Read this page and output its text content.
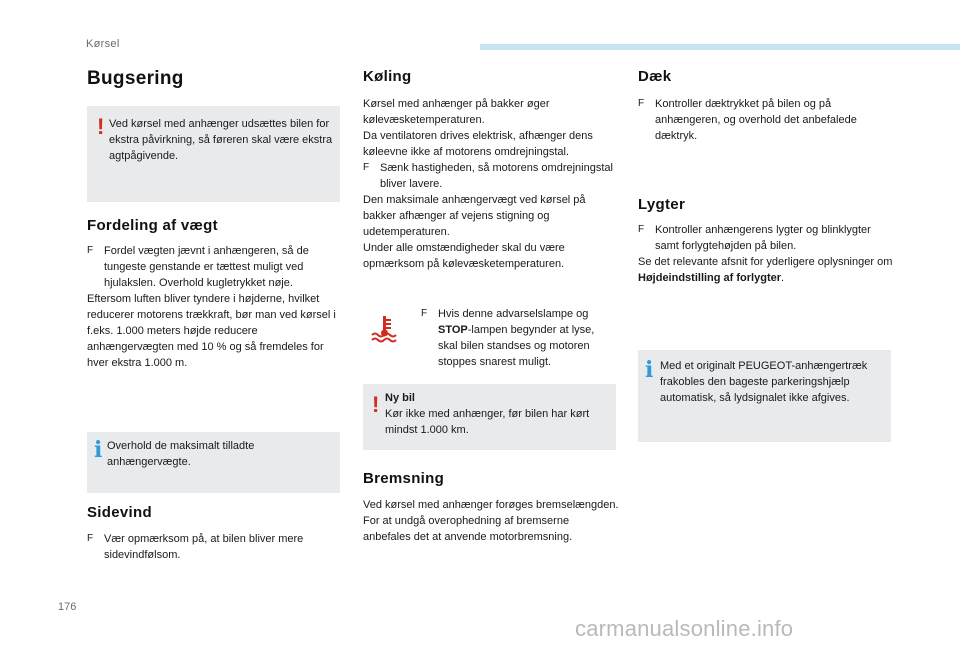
Kørsel
176
carmanualsonline.info
Bugsering
! Ved kørsel med anhænger udsættes bilen for ekstra påvirkning, så føreren skal være ekstra agtpågivende.
Fordeling af vægt
F Fordel vægten jævnt i anhængeren, så de tungeste genstande er tættest muligt ved hjulakslen. Overhold kugletrykket nøje.

Eftersom luften bliver tyndere i højderne, hvilket reducerer motorens trækkraft, bør man ved kørsel i f.eks. 1.000 meters højde reducere anhængervægten med 10 % og så fremdeles for hver ekstra 1.000 m.

i Overhold de maksimalt tilladte anhængervægte.
Sidevind
F Vær opmærksom på, at bilen bliver mere sidevindfølsom.
Køling

Kørsel med anhænger på bakker øger kølevæsketemperaturen.

Da ventilatoren drives elektrisk, afhænger dens køleevne ikke af motorens omdrejningstal.

F Sænk hastigheden, så motorens omdrejningstal bliver lavere.

Den maksimale anhængervægt ved kørsel på bakker afhænger af vejens stigning og udetemperaturen.

Under alle omstændigheder skal du være opmærksom på kølevæsketemperaturen.

F Hvis denne advarselslampe og STOP-lampen begynder at lyse, skal bilen standses og motoren stoppes snarest muligt.
! Ny bil
Kør ikke med anhænger, før bilen har kørt mindst 1.000 km.
Bremsning

Ved kørsel med anhænger forøges bremselængden.

For at undgå overophedning af bremserne anbefales det at anvende motorbremsning.

Dæk
F Kontroller dæktrykket på bilen og på anhængeren, og overhold det anbefalede dæktryk.
Lygter
F Kontroller anhængerens lygter og blinklygter samt forlygtehøjden på bilen.

Se det relevante afsnit for yderligere oplysninger om Højdeindstilling af forlygter.

i Med et originalt PEUGEOT-anhængertræk frakobles den bageste parkeringshjælp automatisk, så lydsignalet ikke afgives.
